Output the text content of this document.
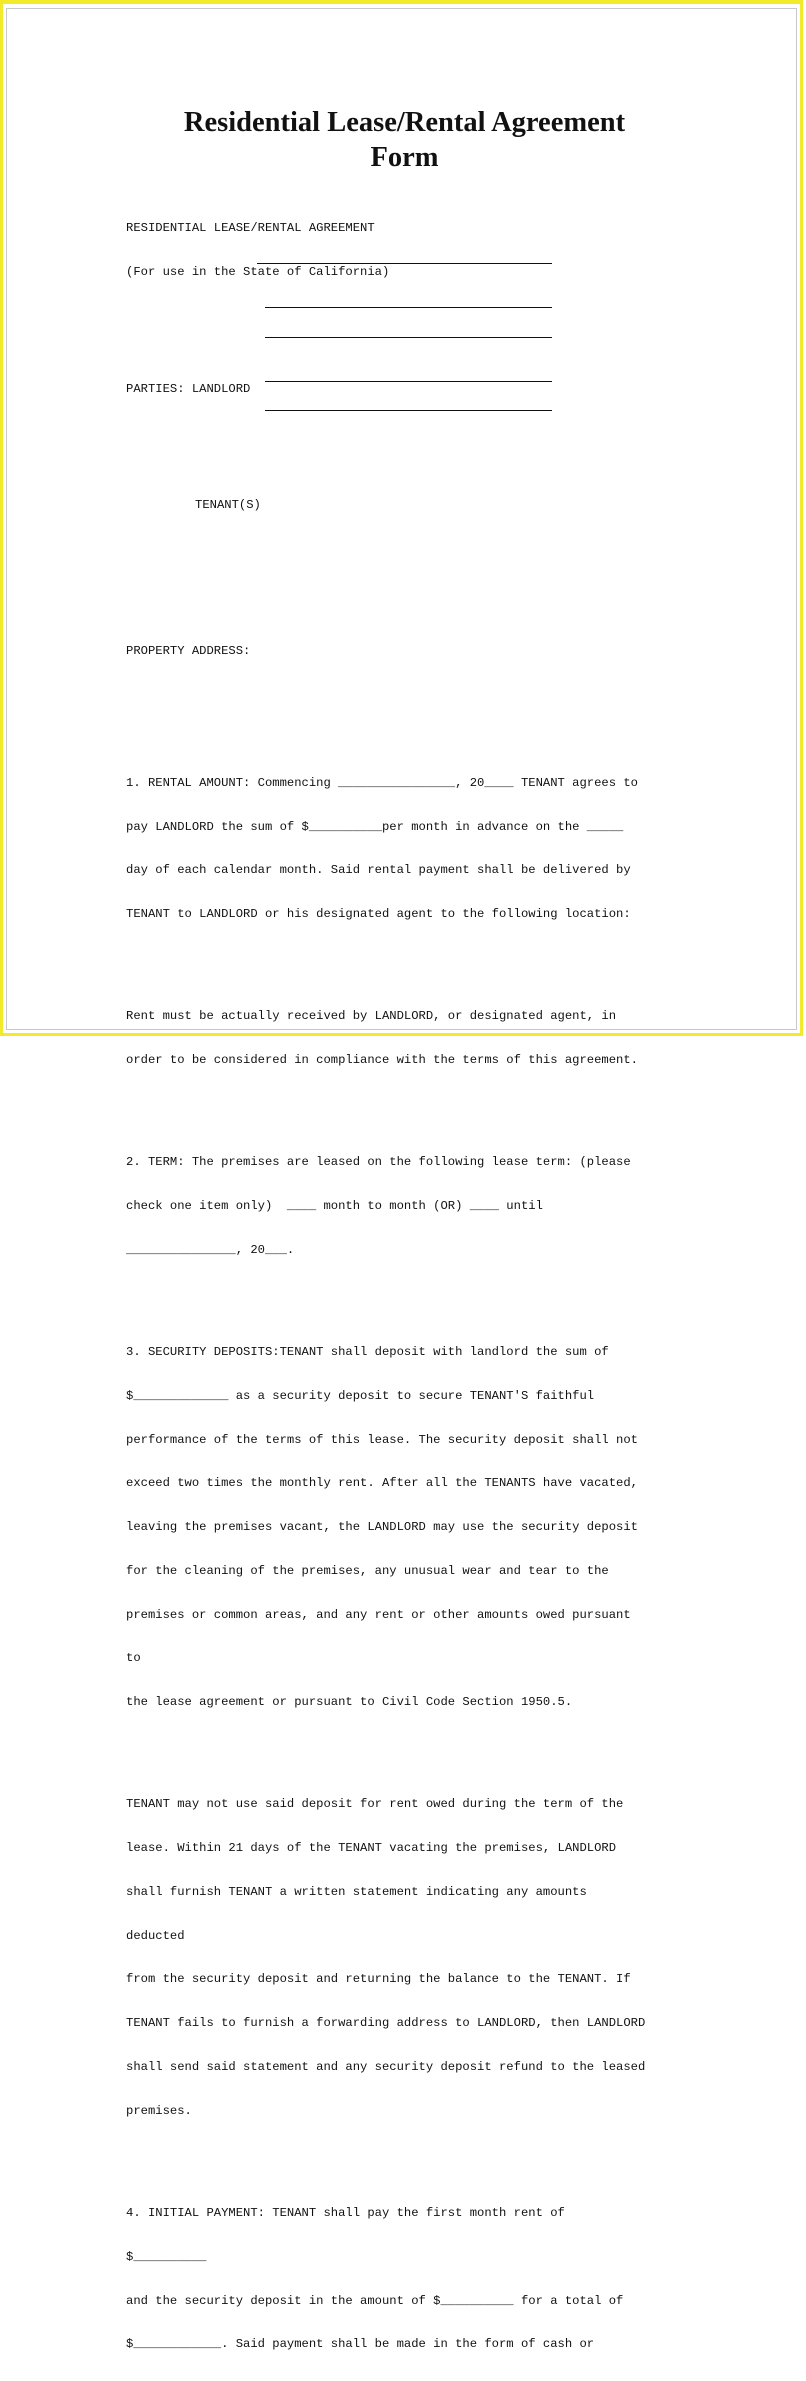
Residential Lease/Rental Agreement
Form

RESIDENTIAL LEASE/RENTAL AGREEMENT

(For use in the State of California)

PARTIES: LANDLORD

TENANT(S)

PROPERTY ADDRESS:

1. RENTAL AMOUNT: Commencing ________________, 20____ TENANT agrees to

pay LANDLORD the sum of $__________per month in advance on the _____

day of each calendar month. Said rental payment shall be delivered by

TENANT to LANDLORD or his designated agent to the following location:

Rent must be actually received by LANDLORD, or designated agent, in

order to be considered in compliance with the terms of this agreement.

2. TERM: The premises are leased on the following lease term: (please

check one item only)  ____ month to month (OR) ____ until

_______________, 20___.

3. SECURITY DEPOSITS:TENANT shall deposit with landlord the sum of

$_____________ as a security deposit to secure TENANT'S faithful

performance of the terms of this lease. The security deposit shall not

exceed two times the monthly rent. After all the TENANTS have vacated,

leaving the premises vacant, the LANDLORD may use the security deposit

for the cleaning of the premises, any unusual wear and tear to the

premises or common areas, and any rent or other amounts owed pursuant

to

the lease agreement or pursuant to Civil Code Section 1950.5.

TENANT may not use said deposit for rent owed during the term of the

lease. Within 21 days of the TENANT vacating the premises, LANDLORD

shall furnish TENANT a written statement indicating any amounts

deducted

from the security deposit and returning the balance to the TENANT. If

TENANT fails to furnish a forwarding address to LANDLORD, then LANDLORD

shall send said statement and any security deposit refund to the leased

premises.

4. INITIAL PAYMENT: TENANT shall pay the first month rent of

$__________

and the security deposit in the amount of $__________ for a total of

$____________. Said payment shall be made in the form of cash or
